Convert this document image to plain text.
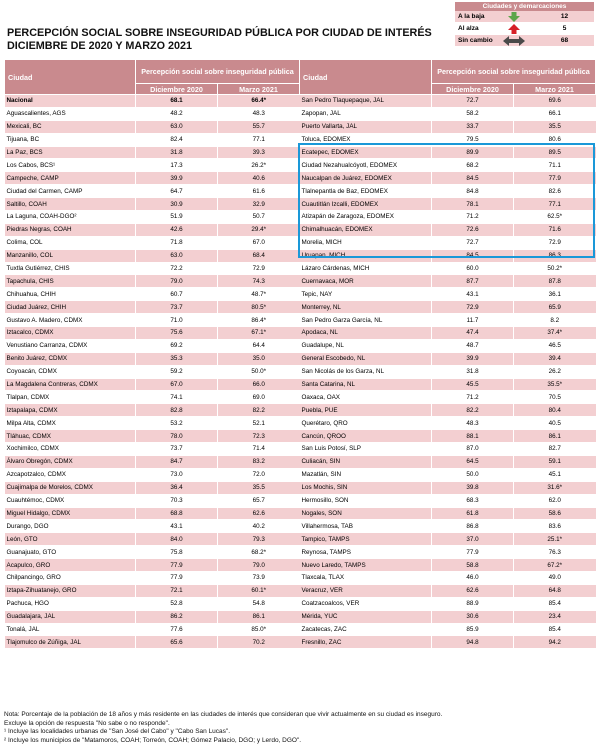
PERCEPCIÓN SOCIAL SOBRE INSEGURIDAD PÚBLICA POR CIUDAD DE INTERÉS
DICIEMBRE DE 2020 Y MARZO 2021
Ciudades y demarcaciones
A la baja	12
Al alza	5
Sin cambio	68
Ciudad	Percepción social sobre inseguridad pública	
	Diciembre 2020	Marzo 2021
Nacional	68.1	66.4*
Aguascalientes, AGS	48.2	48.3
Mexicali, BC	63.0	55.7
Tijuana, BC	82.4	77.1
La Paz, BCS	31.8	39.3
Los Cabos, BCS¹	17.3	26.2*
Campeche, CAMP	39.9	40.6
Ciudad del Carmen, CAMP	64.7	61.6
Saltillo, COAH	30.9	32.9
La Laguna, COAH-DGO²	51.9	50.7
Piedras Negras, COAH	42.6	29.4*
Colima, COL	71.8	67.0
Manzanillo, COL	63.0	68.4
Tuxtla Gutiérrez, CHIS	72.2	72.9
Tapachula, CHIS	79.0	74.3
Chihuahua, CHIH	60.7	48.7*
Ciudad Juárez, CHIH	73.7	80.5*
Gustavo A. Madero, CDMX	71.0	86.4*
Iztacalco, CDMX	75.6	67.1*
Venustiano Carranza, CDMX	69.2	64.4
Benito Juárez, CDMX	35.3	35.0
Coyoacán, CDMX	59.2	50.0*
La Magdalena Contreras, CDMX	67.0	66.0
Tlalpan, CDMX	74.1	69.0
Iztapalapa, CDMX	82.8	82.2
Milpa Alta, CDMX	53.2	52.1
Tláhuac, CDMX	78.0	72.3
Xochimilco, CDMX	73.7	71.4
Álvaro Obregón, CDMX	84.7	83.2
Azcapotzalco, CDMX	73.0	72.0
Cuajimalpa de Morelos, CDMX	36.4	35.5
Cuauhtémoc, CDMX	70.3	65.7
Miguel Hidalgo, CDMX	68.8	62.6
Durango, DGO	43.1	40.2
León, GTO	84.0	79.3
Guanajuato, GTO	75.8	68.2*
Acapulco, GRO	77.9	79.0
Chilpancingo, GRO	77.9	73.9
Iztapa-Zihuatanejo, GRO	72.1	60.1*
Pachuca, HGO	52.8	54.8
Guadalajara, JAL	86.2	86.1
Tonalá, JAL	77.6	85.0*
Tlajomulco de Zúñiga, JAL	65.6	70.2
Ciudad	Percepción social sobre inseguridad pública	
	Diciembre 2020	Marzo 2021
San Pedro Tlaquepaque, JAL	72.7	69.6
Zapopan, JAL	58.2	66.1
Puerto Vallarta, JAL	33.7	35.5
Toluca, EDOMEX	79.5	80.6
Ecatepec, EDOMEX	89.9	89.5
Ciudad Nezahualcóyotl, EDOMEX	68.2	71.1
Naucalpan de Juárez, EDOMEX	84.5	77.9
Tlalnepantla de Baz, EDOMEX	84.8	82.6
Cuautitlán Izcalli, EDOMEX	78.1	77.1
Atizapán de Zaragoza, EDOMEX	71.2	62.5*
Chimalhuacán, EDOMEX	72.6	71.6
Morelia, MICH	72.7	72.9
Uruapan, MICH	84.5	86.3
Lázaro Cárdenas, MICH	60.0	50.2*
Cuernavaca, MOR	87.7	87.8
Tepic, NAY	43.1	36.1
Monterrey, NL	72.9	65.9
San Pedro Garza García, NL	11.7	8.2
Apodaca, NL	47.4	37.4*
Guadalupe, NL	48.7	46.5
General Escobedo, NL	39.9	39.4
San Nicolás de los Garza, NL	31.8	26.2
Santa Catarina, NL	45.5	35.5*
Oaxaca, OAX	71.2	70.5
Puebla, PUE	82.2	80.4
Querétaro, QRO	48.3	40.5
Cancún, QROO	88.1	86.1
San Luis Potosí, SLP	87.0	82.7
Culiacán, SIN	64.5	59.1
Mazatlán, SIN	50.0	45.1
Los Mochis, SIN	39.8	31.6*
Hermosillo, SON	68.3	62.0
Nogales, SON	61.8	58.6
Villahermosa, TAB	86.8	83.6
Tampico, TAMPS	37.0	25.1*
Reynosa, TAMPS	77.9	76.3
Nuevo Laredo, TAMPS	58.8	67.2*
Tlaxcala, TLAX	46.0	49.0
Veracruz, VER	62.6	64.8
Coatzacoalcos, VER	88.9	85.4
Mérida, YUC	30.6	23.4
Zacatecas, ZAC	85.9	85.4
Fresnillo, ZAC	94.8	94.2
Nota: Porcentaje de la población de 18 años y más residente en las ciudades de interés que consideran que vivir actualmente en su ciudad es inseguro.
Excluye la opción de respuesta "No sabe o no responde".
¹ Incluye las localidades urbanas de "San José del Cabo" y "Cabo San Lucas".
² Incluye los municipios de "Matamoros, COAH; Torreón, COAH; Gómez Palacio, DGO; y Lerdo, DGO".
